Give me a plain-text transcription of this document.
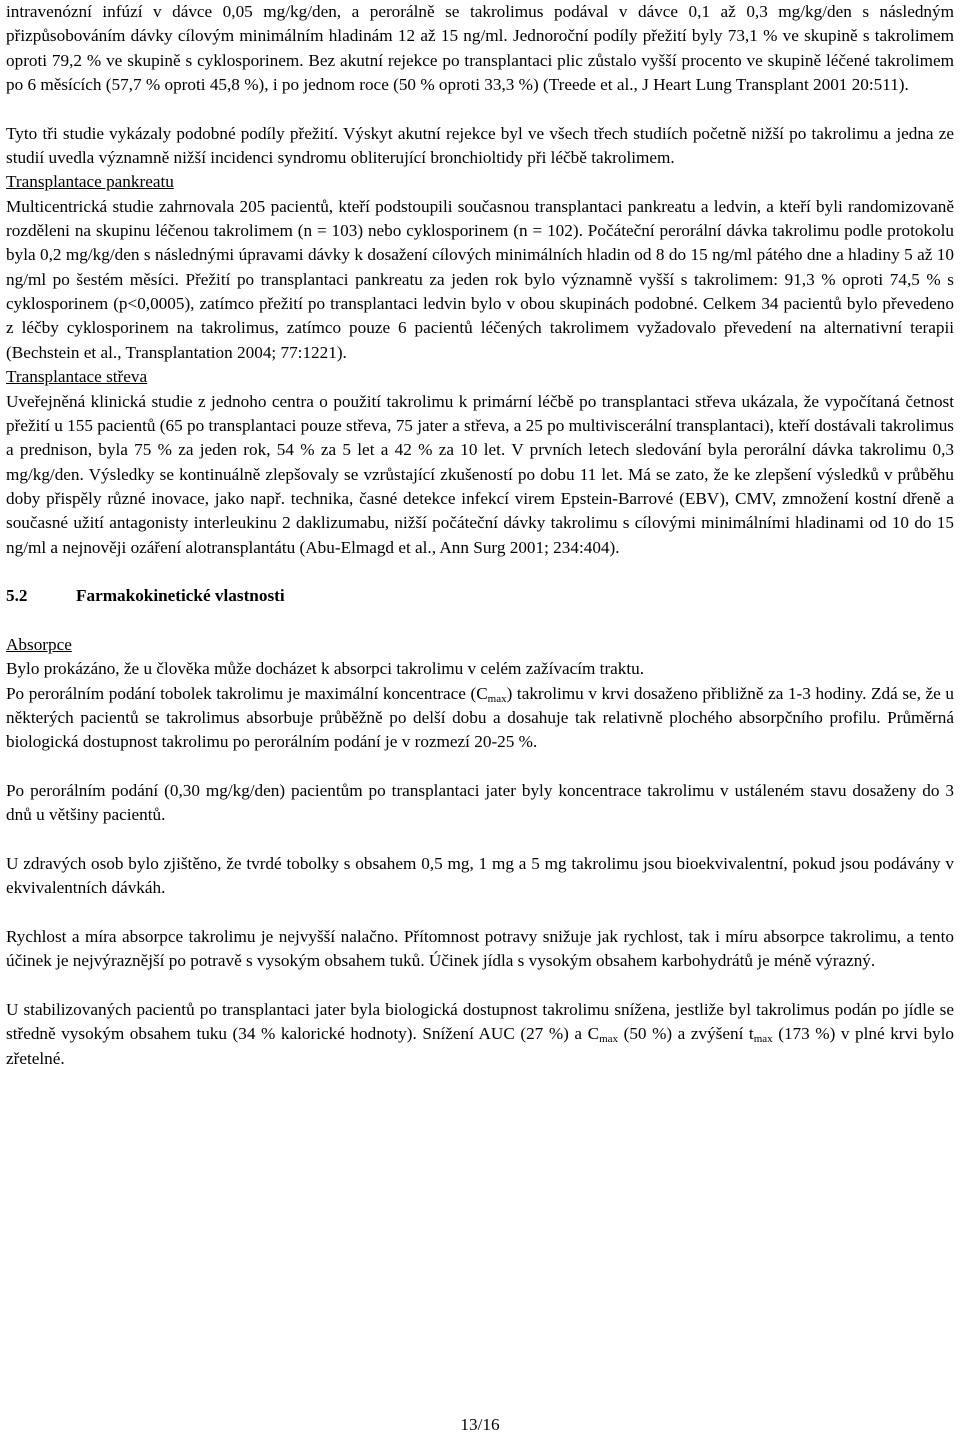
intravenózní infúzí v dávce 0,05 mg/kg/den, a perorálně se takrolimus podával v dávce 0,1 až 0,3 mg/kg/den s následným přizpůsobováním dávky cílovým minimálním hladinám 12 až 15 ng/ml. Jednoroční podíly přežití byly 73,1 % ve skupině s takrolimem oproti 79,2 % ve skupině s cyklosporinem. Bez akutní rejekce po transplantaci plic zůstalo vyšší procento ve skupině léčené takrolimem po 6 měsících (57,7 % oproti 45,8 %), i po jednom roce (50 % oproti 33,3 %) (Treede et al., J Heart Lung Transplant 2001 20:511).

Tyto tři studie vykázaly podobné podíly přežití. Výskyt akutní rejekce byl ve všech třech studiích početně nižší po takrolimu a jedna ze studií uvedla významně nižší incidenci syndromu obliterující bronchioltidy při léčbě takrolimem.

Transplantace pankreatu

Multicentrická studie zahrnovala 205 pacientů, kteří podstoupili současnou transplantaci pankreatu a ledvin, a kteří byli randomizovaně rozděleni na skupinu léčenou takrolimem (n = 103) nebo cyklosporinem (n = 102). Počáteční perorální dávka takrolimu podle protokolu byla 0,2 mg/kg/den s následnými úpravami dávky k dosažení cílových minimálních hladin od 8 do 15 ng/ml pátého dne a hladiny 5 až 10 ng/ml po šestém měsíci. Přežití po transplantaci pankreatu za jeden rok bylo významně vyšší s takrolimem: 91,3 % oproti 74,5 % s cyklosporinem (p<0,0005), zatímco přežití po transplantaci ledvin bylo v obou skupinách podobné. Celkem 34 pacientů bylo převedeno z léčby cyklosporinem na takrolimus, zatímco pouze 6 pacientů léčených takrolimem vyžadovalo převedení na alternativní terapii (Bechstein et al., Transplantation 2004; 77:1221).

Transplantace střeva

Uveřejněná klinická studie z jednoho centra o použití takrolimu k primární léčbě po transplantaci střeva ukázala, že vypočítaná četnost přežití u 155 pacientů (65 po transplantaci pouze střeva, 75 jater a střeva, a 25 po multiviscerální transplantaci), kteří dostávali takrolimus a prednison, byla 75 % za jeden rok, 54 % za 5 let a 42 % za 10 let. V prvních letech sledování byla perorální dávka takrolimu 0,3 mg/kg/den. Výsledky se kontinuálně zlepšovaly se vzrůstající zkušeností po dobu 11 let. Má se zato, že ke zlepšení výsledků v průběhu doby přispěly různé inovace, jako např. technika, časné detekce infekcí virem Epstein-Barrové (EBV), CMV, zmnožení kostní dřeně a současné užití antagonisty interleukinu 2 daklizumabu, nižší počáteční dávky takrolimu s cílovými minimálními hladinami od 10 do 15 ng/ml a nejnověji ozáření alotransplantátu (Abu-Elmagd et al., Ann Surg 2001; 234:404).

5.2	Farmakokinetické vlastnosti

Absorpce

Bylo prokázáno, že u člověka může docházet k absorpci takrolimu v celém zažívacím traktu.

Po perorálním podání tobolek takrolimu je maximální koncentrace $(C_{max})$ takrolimu v krvi dosaženo přibližně za 1-3 hodiny. Zdá se, že u některých pacientů se takrolimus absorbuje průběžně po delší dobu a dosahuje tak relativně plochého absorpčního profilu. Průměrná biologická dostupnost takrolimu po perorálním podání je v rozmezí 20-25 %.

Po perorálním podání (0,30 mg/kg/den) pacientům po transplantaci jater byly koncentrace takrolimu v ustáleném stavu dosaženy do 3 dnů u většiny pacientů.

U zdravých osob bylo zjištěno, že tvrdé tobolky s obsahem 0,5 mg, 1 mg a 5 mg takrolimu jsou bioekvivalentní, pokud jsou podávány v ekvivalentních dávkáh.

Rychlost a míra absorpce takrolimu je nejvyšší nalačno. Přítomnost potravy snižuje jak rychlost, tak i míru absorpce takrolimu, a tento účinek je nejvýraznější po potravě s vysokým obsahem tuků. Účinek jídla s vysokým obsahem karbohydrátů je méně výrazný.

U stabilizovaných pacientů po transplantaci jater byla biologická dostupnost takrolimu snížena, jestliže byl takrolimus podán po jídle se středně vysokým obsahem tuku (34 % kalorické hodnoty). Snížení AUC (27 %) a $C_{max}$ (50 %) a zvýšení $t_{max}$ (173 %) v plné krvi bylo zřetelné.

13/16
